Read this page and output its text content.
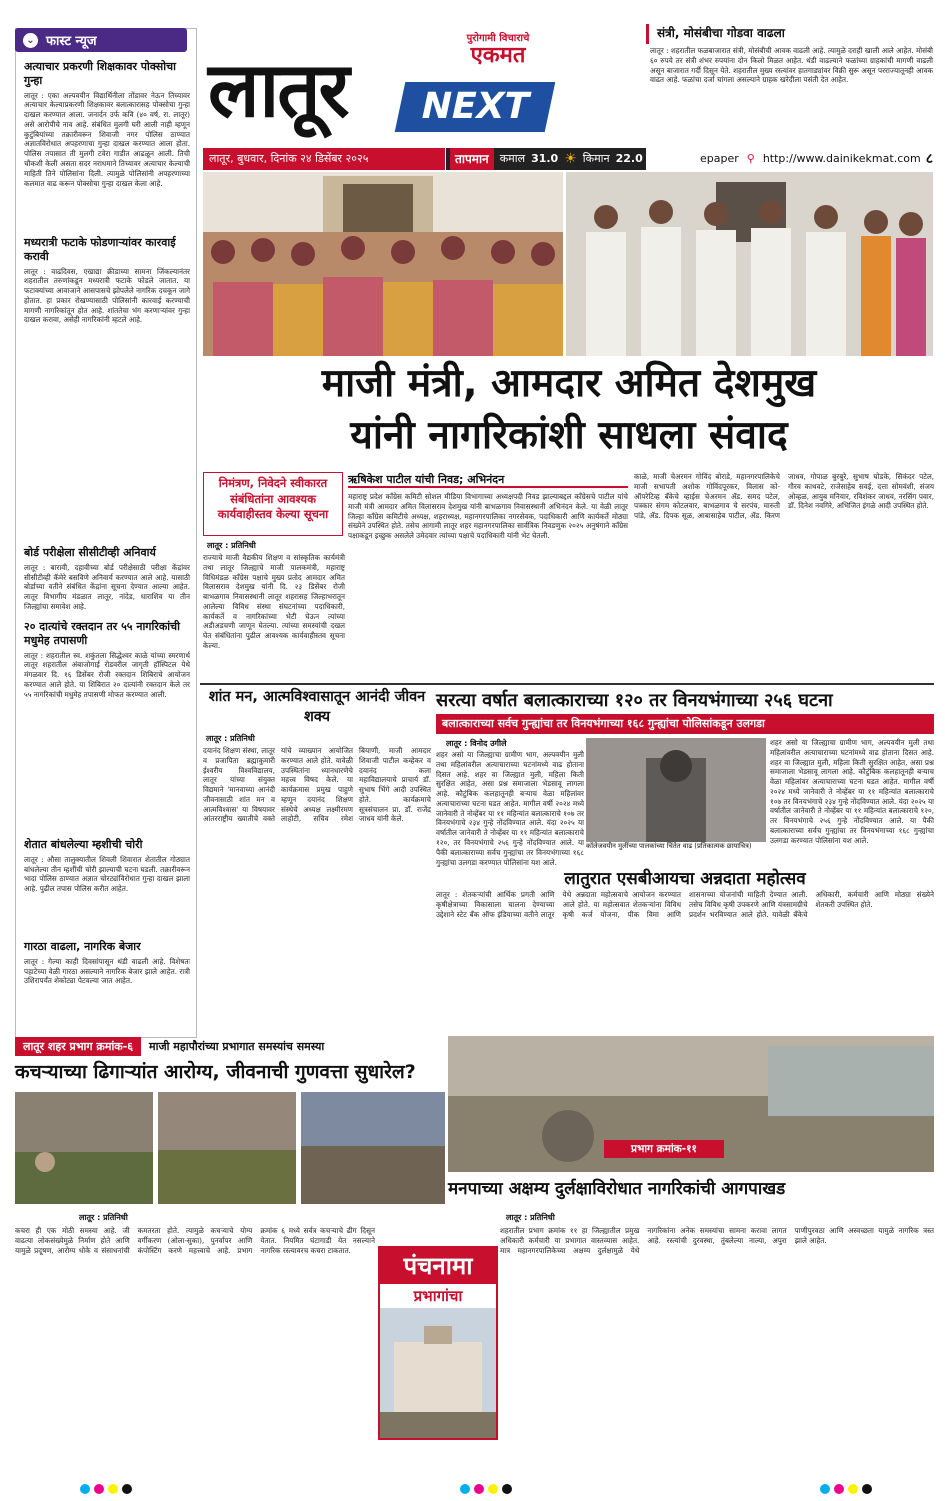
⌄ फास्ट न्यूज
अत्याचार प्रकरणी शिक्षकावर पोक्सोचा गुन्हा
लातूर : एका अल्पवयीन विद्यार्थिनीला तोंडावर नेऊन तिच्यावर अत्याचार केल्याप्रकरणी शिक्षकावर बलात्कारासह पोक्सोचा गुन्हा दाखल करण्यात आला. जनार्दन उर्फ कवि (४० वर्ष, रा. लातूर) असे आरोपीचे नाव आहे. संबंधित मुलगी घरी आली नाही म्हणून कुटुंबियांच्या तक्रारीवरून शिवाजी नगर पोलिस ठाण्यात अज्ञातविरोधात अपहरणाचा गुन्हा दाखल करण्यात आला होता. पोलिस तपासात ती मुलगी टवेरा गाडीत आढळून आली. तिची चौकशी केली असता सदर नराधमाने तिच्यावर अत्याचार केल्याची माहिती तिने पोलिसांना दिली. त्यामुळे पोलिसांनी अपहरणाच्या कलमात वाढ करून पोक्सोचा गुन्हा दाखल केला आहे.
मध्यरात्री फटाके फोडणाऱ्यांवर कारवाई करावी
लातूर : वाढदिवस, एखाद्या क्रीडाच्या सामना जिंकल्यानंतर शहरातील तरुणांकडून मध्यरात्री फटाके फोडले जातात. या फटाक्यांच्या आवाजाने आसपासचे झोपलेले नागरिक दचकून जागे होतात. हा प्रकार रोखण्यासाठी पोलिसांनी कारवाई करण्याची मागणी नागरिकांतून होत आहे. शांततेचा भंग करणाऱ्यांवर गुन्हा दाखल करावा, असेही नागरिकांनी म्हटले आहे.
बोर्ड परीक्षेला सीसीटीव्ही अनिवार्य
लातूर : बारावी, दहावीच्या बोर्ड परीक्षेसाठी परीक्षा केंद्रांवर सीसीटीव्ही कॅमेरे बसविणे अनिवार्य करण्यात आले आहे. यासाठी बोर्डाच्या वतीने संबंधित केंद्रांना सूचना देण्यात आल्या आहेत. लातूर विभागीय मंडळात लातूर, नांदेड, धाराशिव या तीन जिल्ह्यांचा समावेश आहे.
२० दात्यांचे रक्तदान तर ५५ नागरिकांची मधुमेह तपासणी
लातूर : शहरातील स्व. शकुंतला सिद्धेश्वर काळे यांच्या स्मरणार्थ लातूर शहरातील अंबाजोगाई रोडवरील जागृती हॉस्पिटल येथे मंगळवार दि. १६ डिसेंबर रोजी रक्तदान शिबिराचे आयोजन करण्यात आले होते. या शिबिरात २० दात्यांनी रक्तदान केले तर ५५ नागरिकांची मधुमेह तपासणी मोफत करण्यात आली.
शेतात बांधलेल्या म्हशीची चोरी
लातूर : औसा तालुक्यातील शिवली शिवारात शेतातील गोठ्यात बांधलेल्या तीन म्हशींची चोरी झाल्याची घटना घडली. तक्रारीवरून भादा पोलिस ठाण्यात अज्ञात चोरट्यांविरोधात गुन्हा दाखल झाला आहे. पुढील तपास पोलिस करीत आहेत.
गारठा वाढला, नागरिक बेजार
लातूर : गेल्या काही दिवसांपासून थंडी वाढली आहे. विशेषतः पहाटेच्या वेळी गारठा असल्याने नागरिक बेजार झाले आहेत. रात्री उशिरापर्यंत शेकोट्या पेटवल्या जात आहेत.
पुरोगामी विचाराचे
एकमत
लातूर	NEXT
लातूर, बुधवार, दिनांक २४ डिसेंबर २०२५	तापमान	कमाल 31.0 ☀ किमान 22.0	epaper ⚲ http://www.dainikekmat.com ८
संत्री, मोसंबीचा गोडवा वाढला
लातूर : शहरातील फळबाजारात संत्री, मोसंबीची आवक वाढली आहे. त्यामुळे दराही खाली आले आहेत. मोसंबी ६० रुपये तर संत्री शंभर रुपयांना दोन किलो मिळत आहेत. थंडी वाढल्याने फळांच्या ग्राहकांची मागणी वाढली असून बाजारात गर्दी दिसून येते. शहरातील मुख्य रस्त्यांवर हातगाड्यांवर विक्री सुरू असून परराज्यातूनही आवक वाढत आहे. फळांचा दर्जा चांगला असल्याने ग्राहक खरेदीला पसंती देत आहेत.
माजी मंत्री, आमदार अमित देशमुख
यांनी नागरिकांशी साधला संवाद
निमंत्रण, निवेदने स्वीकारत संबंधितांना आवश्यक कार्यवाहीस्तव केल्या सूचना
लातूर : प्रतिनिधी
राज्याचे माजी वैद्यकीय शिक्षण व सांस्कृतिक कार्यमंत्री तथा लातूर जिल्ह्याचे माजी पालकमंत्री, महाराष्ट्र विधिमंडळ काँग्रेस पक्षाचे मुख्य प्रतोद आमदार अमित विलासराव देशमुख यांनी दि. २३ डिसेंबर रोजी बाभळगाव निवासस्थानी लातूर शहरासह जिल्हाभरातून आलेल्या विविध संस्था संघटनांच्या पदाधिकारी, कार्यकर्ते व नागरिकांच्या भेटी घेऊन त्यांच्या अडीअडचणी जाणून घेतल्या. त्यांच्या समस्यांची दखल घेत संबंधितांना पुढील आवश्यक कार्यवाहीस्तव सूचना केल्या.
ऋषिकेश पाटील यांची निवड; अभिनंदन
महाराष्ट्र प्रदेश काँग्रेस कमिटी सोशल मीडिया विभागाच्या अध्यक्षपदी निवड झाल्याबद्दल काँग्रेसचे पाटील यांचे माजी मंत्री आमदार अमित विलासराव देशमुख यांनी बाभळगाव निवासस्थानी अभिनंदन केले. या वेळी लातूर जिल्हा काँग्रेस कमिटीचे अध्यक्ष, शहराध्यक्ष, महानगरपालिका नगरसेवक, पदाधिकारी आणि कार्यकर्ते मोठ्या संख्येने उपस्थित होते. तसेच आगामी लातूर शहर महानगरपालिका सार्वत्रिक निवडणुक २०२५ अनुषंगाने काँग्रेस पक्षाकडून इच्छुक असलेले उमेदवार त्यांच्या पक्षाचे पदाधिकारी यांनी भेट घेतली.
काळे, माजी चेअरमन गोविंद बोराडे, महानगरपालिकेचे माजी सभापती अशोक गोविंदपूरकर, विलास को-ऑपरेटिव्ह बँकेचे व्हाईस चेअरमन ॲड. समद पटेल, पत्रकार संगम कोटलवार, बाभळगाव चे सरपंच, मारुती पांडे, ॲड. दिपक सूळ, आबासाहेब पाटील, ॲड. किरण जाधव, गोपाळ बुरबुरे, सुभाष घोडके, सिकंदर पटेल, गौरव काथवटे, राजेसाहेब सवई, दत्ता सोमवंशी, संजय ओव्हळ, आयुब मनियार, रविशंकर जाधव, नरसिंग पवार, डॉ. दिनेश नवगिरे, अभिजित इंगळे आदी उपस्थित होते.
शांत मन, आत्मविश्वासातून आनंदी जीवन शक्य
लातूर : प्रतिनिधी
दयानंद शिक्षण संस्था, लातूर व प्रजापिता ब्रह्माकुमारी ईश्वरीय विश्वविद्यालय, लातूर यांच्या संयुक्त विद्यमाने 'मानवाच्या आनंदी जीवनासाठी शांत मन व आत्मविश्वास' या विषयावर आंतरराष्ट्रीय ख्यातीचे वक्ते यांचे व्याख्यान आयोजित करण्यात आले होते. यावेळी उपस्थितांना ध्यानधारणेचे महत्त्व विषद केले. या कार्यक्रमास प्रमुख पाहुणे म्हणून दयानंद शिक्षण संस्थेचे अध्यक्ष लक्ष्मीरमण लाहोटी, सचिव रमेश बियाणी, माजी आमदार शिवाजी पाटील कव्हेकर व दयानंद कला महाविद्यालयाचे प्राचार्य डॉ. सुभाष भिंगे आदी उपस्थित होते. कार्यक्रमाचे सूत्रसंचालन प्रा. डॉ. राजेंद्र जाधव यांनी केले.
सरत्या वर्षात बलात्काराच्या १२० तर विनयभंगाच्या २५६ घटना
बलात्काराच्या सर्वच गुन्ह्यांचा तर विनयभंगाच्या १६८ गुन्ह्यांचा पोलिसांकडून उलगडा
लातूर : विनोद उगीले
शहर असो या जिल्ह्याचा ग्रामीण भाग, अल्पवयीन मुली तथा महिलांवरील अत्याचाराच्या घटनांमध्ये वाढ होताना दिसत आहे. शहर वा जिल्ह्यात मुली, महिला किती सुरक्षित आहेत, असा प्रश्न समाजाला भेडसावू लागला आहे. कौटुंबिक कलहातूनही बऱ्याच वेळा महिलांवर अत्याचाराच्या घटना घडत आहेत. मागील वर्षी २०२४ मध्ये जानेवारी ते नोव्हेंबर या ११ महिन्यांत बलात्काराचे १०७ तर विनयभंगाचे २३४ गुन्हे नोंदविण्यात आले. यंदा २०२५ या वर्षातील जानेवारी ते नोव्हेंबर या ११ महिन्यांत बलात्काराचे १२०, तर विनयभंगाचे २५६ गुन्हे नोंदविण्यात आले. या पैकी बलात्काराच्या सर्वच गुन्ह्यांचा तर विनयभंगाच्या १६८ गुन्ह्यांचा उलगडा करण्यात पोलिसांना यश आले.
कॉलेजवयीन मुलींच्या पालकांच्या चिंतेत वाढ (प्रतिकात्मक छायाचित्र)
शहर असो या जिल्ह्याचा ग्रामीण भाग, अल्पवयीन मुली तथा महिलांवरील अत्याचाराच्या घटनांमध्ये वाढ होताना दिसत आहे. शहर वा जिल्ह्यात मुली, महिला किती सुरक्षित आहेत, असा प्रश्न समाजाला भेडसावू लागला आहे. कौटुंबिक कलहातूनही बऱ्याच वेळा महिलांवर अत्याचाराच्या घटना घडत आहेत. मागील वर्षी २०२४ मध्ये जानेवारी ते नोव्हेंबर या ११ महिन्यांत बलात्काराचे १०७ तर विनयभंगाचे २३४ गुन्हे नोंदविण्यात आले. यंदा २०२५ या वर्षातील जानेवारी ते नोव्हेंबर या ११ महिन्यांत बलात्काराचे १२०, तर विनयभंगाचे २५६ गुन्हे नोंदविण्यात आले. या पैकी बलात्काराच्या सर्वच गुन्ह्यांचा तर विनयभंगाच्या १६८ गुन्ह्यांचा उलगडा करण्यात पोलिसांना यश आले.
लातुरात एसबीआयचा अन्नदाता महोत्सव
लातूर : शेतकऱ्यांची आर्थिक प्रगती आणि कृषीक्षेत्राच्या विकासाला चालना देण्याच्या उद्देशाने स्टेट बँक ऑफ इंडियाच्या वतीने लातूर येथे अन्नदाता महोत्सवाचे आयोजन करण्यात आले होते. या महोत्सवात शेतकऱ्यांना विविध कृषी कर्ज योजना, पीक विमा आणि शासनाच्या योजनांची माहिती देण्यात आली. तसेच विविध कृषी उपकरणे आणि यंत्रसामग्रीचे प्रदर्शन भरविण्यात आले होते. यावेळी बँकेचे अधिकारी, कर्मचारी आणि मोठ्या संख्येने शेतकरी उपस्थित होते.
लातूर शहर प्रभाग क्रमांक-६	माजी महापौरांच्या प्रभागात समस्यांच समस्या
कचऱ्याच्या ढिगाऱ्यांत आरोग्य, जीवनाची गुणवत्ता सुधारेल?
प्रभाग क्रमांक-११
मनपाच्या अक्षम्य दुर्लक्षाविरोधात नागरिकांची आगपाखड
लातूर : प्रतिनिधी
कचरा ही एक मोठी समस्या आहे. जी वाढत्या लोकसंख्येमुळे निर्माण होते आणि यामुळे प्रदूषण, आरोग्य धोके व संसाधनांची कमतरता होते. त्यामुळे कचऱ्याचे योग्य वर्गीकरण (ओला-सुका), पुनर्वापर आणि कंपोस्टिंग करणे महत्त्वाचे आहे. प्रभाग क्रमांक ६ मध्ये सर्वत्र कचऱ्याचे ढीग दिसून येतात. नियमित घंटागाडी येत नसल्याने नागरिक रस्त्यावरच कचरा टाकतात.
पंचनामा
प्रभागांचा
लातूर : प्रतिनिधी
शहरातील प्रभाग क्रमांक ११ हा जिल्ह्यातील प्रमुख अधिकारी कर्मचारी या प्रभागात वास्तव्यास आहेत. मात्र महानगरपालिकेच्या अक्षम्य दुर्लक्षामुळे येथे नागरिकांना अनेक समस्यांचा सामना करावा लागत आहे. रस्त्यांची दुरवस्था, तुंबलेल्या नाल्या, अपुरा पाणीपुरवठा आणि अस्वच्छता यामुळे नागरिक त्रस्त झाले आहेत.
